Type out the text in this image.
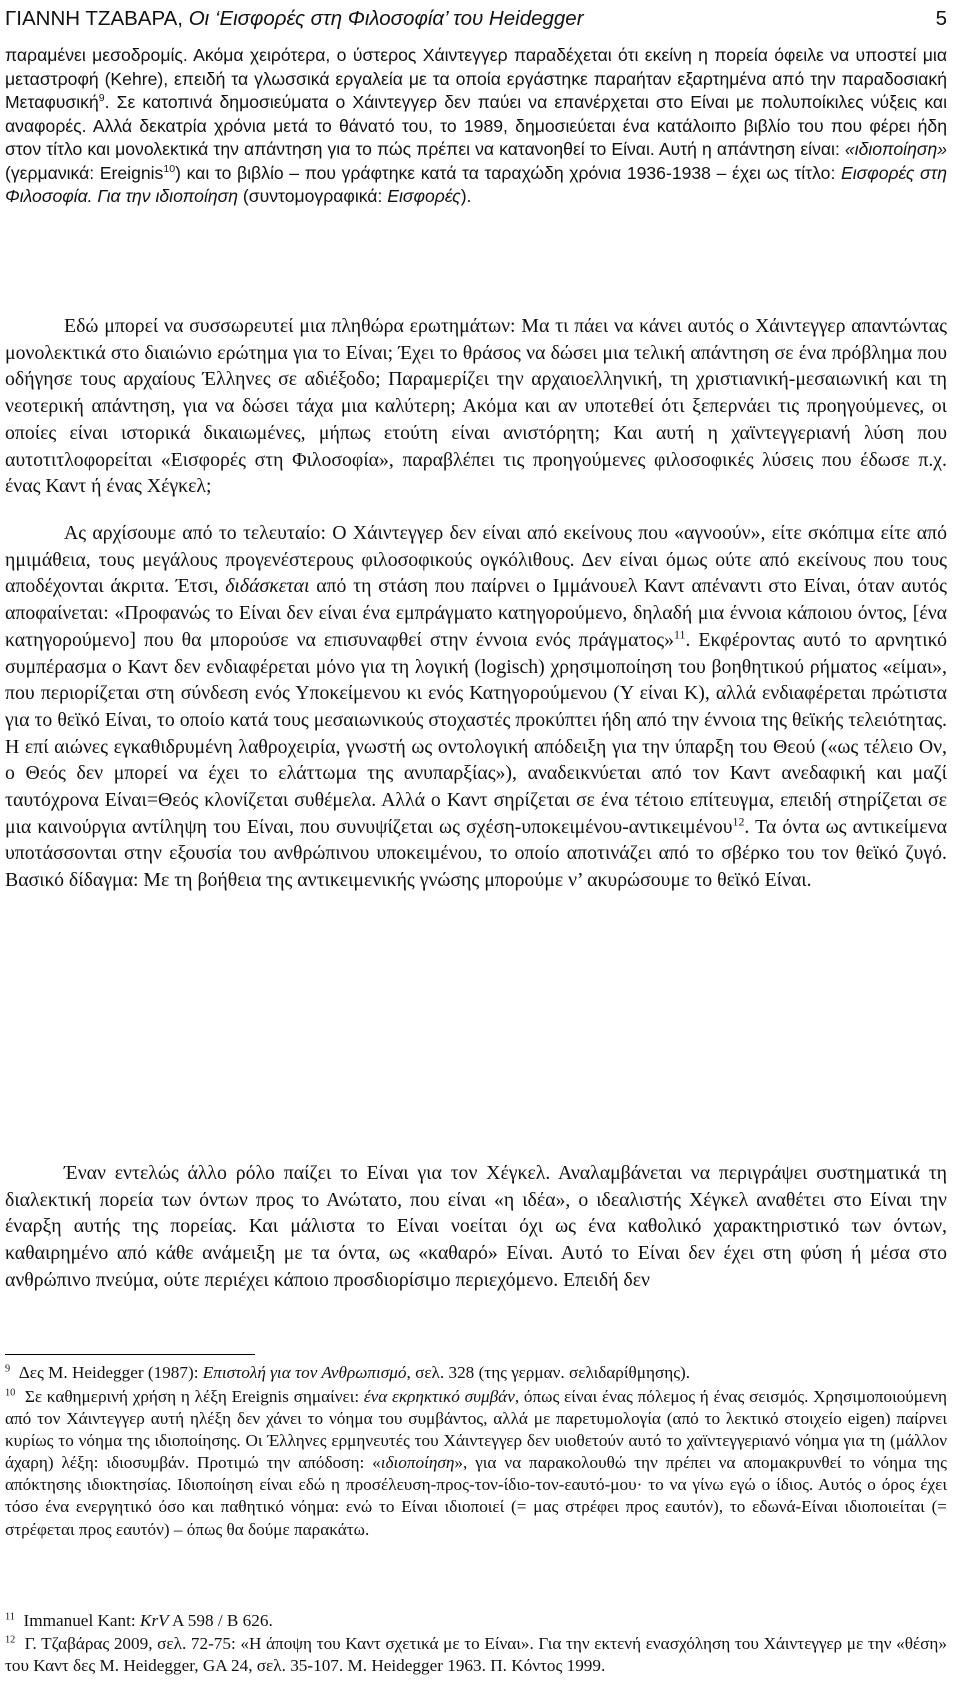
ΓΙΑΝΝΗ ΤΖΑΒΑΡΑ, Οι ‘Εισφορές στη Φιλοσοφία’ του Heidegger	5

παραμένει μεσοδρομίς. Ακόμα χειρότερα, ο ύστερος Χάιντεγγερ παραδέχεται ότι εκείνη η πορεία όφειλε να υποστεί μια μεταστροφή (Kehre), επειδή τα γλωσσικά εργαλεία με τα οποία εργάστηκε παραήταν εξαρτημένα από την παραδοσιακή Μεταφυσική$^9$. Σε κατοπινά δημοσιεύματα ο Χάιντεγγερ δεν παύει να επανέρχεται στο Είναι με πολυποίκιλες νύξεις και αναφορές. Αλλά δεκατρία χρόνια μετά το θάνατό του, το 1989, δημοσιεύεται ένα κατάλοιπο βιβλίο του που φέρει ήδη στον τίτλο και μονολεκτικά την απάντηση για το πώς πρέπει να κατανοηθεί το Είναι. Αυτή η απάντηση είναι: «ιδιοποίηση» (γερμανικά: Ereignis$^{10}$) και το βιβλίο – που γράφτηκε κατά τα ταραχώδη χρόνια 1936-1938 – έχει ως τίτλο: Εισφορές στη Φιλοσοφία. Για την ιδιοποίηση (συντομογραφικά: Εισφορές).

Εδώ μπορεί να συσσωρευτεί μια πληθώρα ερωτημάτων: Μα τι πάει να κάνει αυτός ο Χάιντεγγερ απαντώντας μονολεκτικά στο διαιώνιο ερώτημα για το Είναι; Έχει το θράσος να δώσει μια τελική απάντηση σε ένα πρόβλημα που οδήγησε τους αρχαίους Έλληνες σε αδιέξοδο; Παραμερίζει την αρχαιοελληνική, τη χριστιανική-μεσαιωνική και τη νεοτερική απάντηση, για να δώσει τάχα μια καλύτερη; Ακόμα και αν υποτεθεί ότι ξεπερνάει τις προηγούμενες, οι οποίες είναι ιστορικά δικαιωμένες, μήπως ετούτη είναι ανιστόρητη; Και αυτή η χαϊντεγγεριανή λύση που αυτοτιτλοφορείται «Εισφορές στη Φιλοσοφία», παραβλέπει τις προηγούμενες φιλοσοφικές λύσεις που έδωσε π.χ. ένας Καντ ή ένας Χέγκελ;

Ας αρχίσουμε από το τελευταίο: Ο Χάιντεγγερ δεν είναι από εκείνους που «αγνοούν», είτε σκόπιμα είτε από ημιμάθεια, τους μεγάλους προγενέστερους φιλοσοφικούς ογκόλιθους. Δεν είναι όμως ούτε από εκείνους που τους αποδέχονται άκριτα. Έτσι, διδάσκεται από τη στάση που παίρνει ο Ιμμάνουελ Καντ απέναντι στο Είναι, όταν αυτός αποφαίνεται: «Προφανώς το Είναι δεν είναι ένα εμπράγματο κατηγορούμενο, δηλαδή μια έννοια κάποιου όντος, [ένα κατηγορούμενο] που θα μπορούσε να επισυναφθεί στην έννοια ενός πράγματος»$^{11}$. Εκφέροντας αυτό το αρνητικό συμπέρασμα ο Καντ δεν ενδιαφέρεται μόνο για τη λογική (logisch) χρησιμοποίηση του βοηθητικού ρήματος «είμαι», που περιορίζεται στη σύνδεση ενός Υποκείμενου κι ενός Κατηγορούμενου (Υ είναι Κ), αλλά ενδιαφέρεται πρώτιστα για το θεϊκό Είναι, το οποίο κατά τους μεσαιωνικούς στοχαστές προκύπτει ήδη από την έννοια της θεϊκής τελειότητας. Η επί αιώνες εγκαθιδρυμένη λαθροχειρία, γνωστή ως οντολογική απόδειξη για την ύπαρξη του Θεού («ως τέλειο Ον, ο Θεός δεν μπορεί να έχει το ελάττωμα της ανυπαρξίας»), αναδεικνύεται από τον Καντ ανεδαφική και μαζί ταυτόχρονα Είναι=Θεός κλονίζεται συθέμελα. Αλλά ο Καντ σηρίζεται σε ένα τέτοιο επίτευγμα, επειδή στηρίζεται σε μια καινούργια αντίληψη του Είναι, που συνυψίζεται ως σχέση-υποκειμένου-αντικειμένου$^{12}$. Τα όντα ως αντικείμενα υποτάσσονται στην εξουσία του ανθρώπινου υποκειμένου, το οποίο αποτινάζει από το σβέρκο του τον θεϊκό ζυγό. Βασικό δίδαγμα: Με τη βοήθεια της αντικειμενικής γνώσης μπορούμε ν’ ακυρώσουμε το θεϊκό Είναι.

Έναν εντελώς άλλο ρόλο παίζει το Είναι για τον Χέγκελ. Αναλαμβάνεται να περιγράψει συστηματικά τη διαλεκτική πορεία των όντων προς το Ανώτατο, που είναι «η ιδέα», ο ιδεαλιστής Χέγκελ αναθέτει στο Είναι την έναρξη αυτής της πορείας. Και μάλιστα το Είναι νοείται όχι ως ένα καθολικό χαρακτηριστικό των όντων, καθαιρημένο από κάθε ανάμειξη με τα όντα, ως «καθαρό» Είναι. Αυτό το Είναι δεν έχει στη φύση ή μέσα στο ανθρώπινο πνεύμα, ούτε περιέχει κάποιο προσδιορίσιμο περιεχόμενο. Επειδή δεν

$^9$ Δες M. Heidegger (1987): Επιστολή για τον Ανθρωπισμό, σελ. 328 (της γερμαν. σελιδαρίθμησης).

$^{10}$ Σε καθημερινή χρήση η λέξη Ereignis σημαίνει: ένα εκρηκτικό συμβάν, όπως είναι ένας πόλεμος ή ένας σεισμός. Χρησιμοποιούμενη από τον Χάιντεγγερ αυτή ηλέξη δεν χάνει το νόημα του συμβάντος, αλλά με παρετυμολογία (από το λεκτικό στοιχείο eigen) παίρνει κυρίως το νόημα της ιδιοποίησης. Οι Έλληνες ερμηνευτές του Χάιντεγγερ δεν υιοθετούν αυτό το χαϊντεγγεριανό νόημα για τη (μάλλον άχαρη) λέξη: ιδιοσυμβάν. Προτιμώ την απόδοση: «ιδιοποίηση», για να παρακολουθώ την πρέπει να απομακρυνθεί το νόημα της απόκτησης ιδιοκτησίας. Ιδιοποίηση είναι εδώ η προσέλευση-προς-τον-ίδιο-τον-εαυτό-μου· το να γίνω εγώ ο ίδιος. Αυτός ο όρος έχει τόσο ένα ενεργητικό όσο και παθητικό νόημα: ενώ το Είναι ιδιοποιεί (= μας στρέφει προς εαυτόν), το εδωνά-Είναι ιδιοποιείται (= στρέφεται προς εαυτόν) – όπως θα δούμε παρακάτω.

$^{11}$ Immanuel Kant: KrV A 598 / B 626.

$^{12}$ Γ. Τζαβάρας 2009, σελ. 72-75: «Η άποψη του Καντ σχετικά με το Είναι». Για την εκτενή ενασχόληση του Χάιντεγγερ με την «θέση» του Καντ δες M. Heidegger, GA 24, σελ. 35-107. M. Heidegger 1963. Π. Κόντος 1999.
